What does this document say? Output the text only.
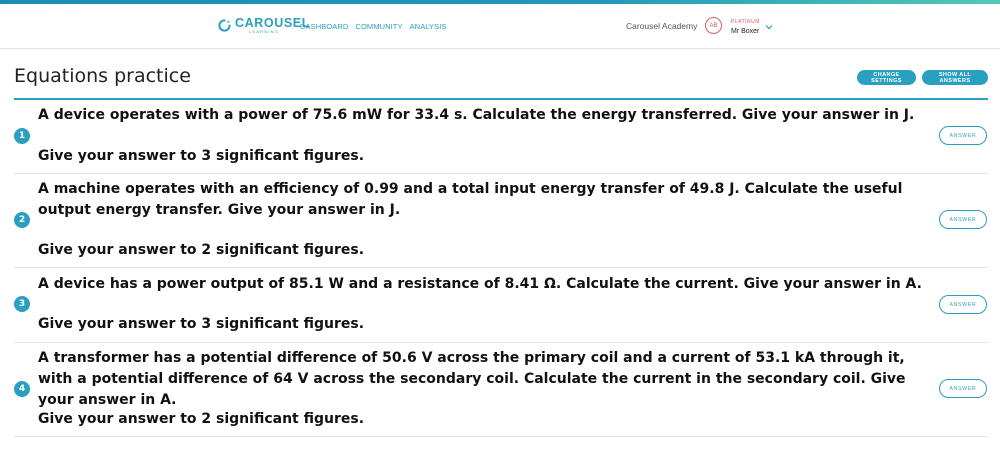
CAROUSEL
LEARNING
DASHBOARD COMMUNITY ANALYSIS	Carousel Academy	AB
PLATINUM
Mr Boxer
Equations practice	CHANGE SETTINGS
SHOW ALL ANSWERS

A device operates with a power of 75.6 mW for 33.4 s. Calculate the energy transferred. Give your answer in J.

1

Give your answer to 3 significant figures.

ANSWER

A machine operates with an efficiency of 0.99 and a total input energy transfer of 49.8 J. Calculate the useful output energy transfer. Give your answer in J.

2

Give your answer to 2 significant figures.

ANSWER

A device has a power output of 85.1 W and a resistance of 8.41 Ω. Calculate the current. Give your answer in A.

3

Give your answer to 3 significant figures.

ANSWER

A transformer has a potential difference of 50.6 V across the primary coil and a current of 53.1 kA through it, with a potential difference of 64 V across the secondary coil. Calculate the current in the secondary coil. Give your answer in A.

4

Give your answer to 2 significant figures.

ANSWER
